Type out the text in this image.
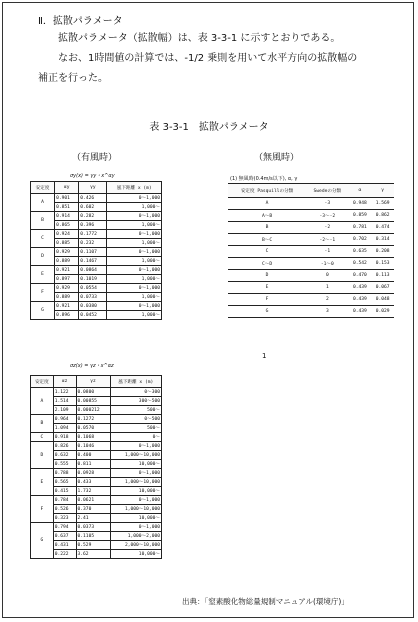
Ⅱ．拡散パラメータ
拡散パラメータ（拡散幅）は、表 3-3-1 に示すとおりである。
なお、1時間値の計算では、-1/2 乗則を用いて水平方向の拡散幅の
補正を行った。
表 3-3-1　拡散パラメータ
（有風時）	（無風時）
σy(x) = γy・x^αy
安定度	αy	γy	風下距離 x (m)
A	0.901	0.426	0〜1,000
	0.851	0.602	1,000〜
B	0.914	0.282	0〜1,000
	0.865	0.396	1,000〜
C	0.924	0.1772	0〜1,000
	0.885	0.232	1,000〜
D	0.929	0.1107	0〜1,000
	0.889	0.1467	1,000〜
E	0.921	0.0864	0〜1,000
	0.897	0.1019	1,000〜
F	0.929	0.0554	0〜1,000
	0.889	0.0733	1,000〜
G	0.921	0.0380	0〜1,000
	0.896	0.0452	1,000〜
σz(x) = γz・x^αz
安定度	αz	γz	風下距離 x (m)
A	1.122	0.0800	0〜300
	1.514	0.00855	300〜500
	2.109	0.000212	500〜
B	0.964	0.1272	0〜500
	1.094	0.0570	500〜
C	0.918	0.1068	0〜
D	0.826	0.1046	0〜1,000
	0.632	0.400	1,000〜10,000
	0.555	0.811	10,000〜
E	0.788	0.0928	0〜1,000
	0.565	0.433	1,000〜10,000
	0.415	1.732	10,000〜
F	0.784	0.0621	0〜1,000
	0.526	0.370	1,000〜10,000
	0.323	2.41	10,000〜
G	0.794	0.0373	0〜1,000
	0.637	0.1105	1,000〜2,000
	0.431	0.529	2,000〜10,000
	0.222	3.62	10,000〜
(1) 無風時(0.4m/s以下), α, γ
安定度 Pasquillの分類	Swedeの分類	α	γ
A	-3	0.948	1.569
A〜B	-3〜-2	0.859	0.862
B	-2	0.781	0.474
B〜C	-2〜-1	0.702	0.314
C	-1	0.635	0.208
C〜D	-1〜0	0.542	0.153
D	0	0.470	0.113
E	1	0.439	0.067
F	2	0.439	0.048
G	3	0.439	0.029
1
出典：「窒素酸化物総量規制マニュアル(環境庁)」
